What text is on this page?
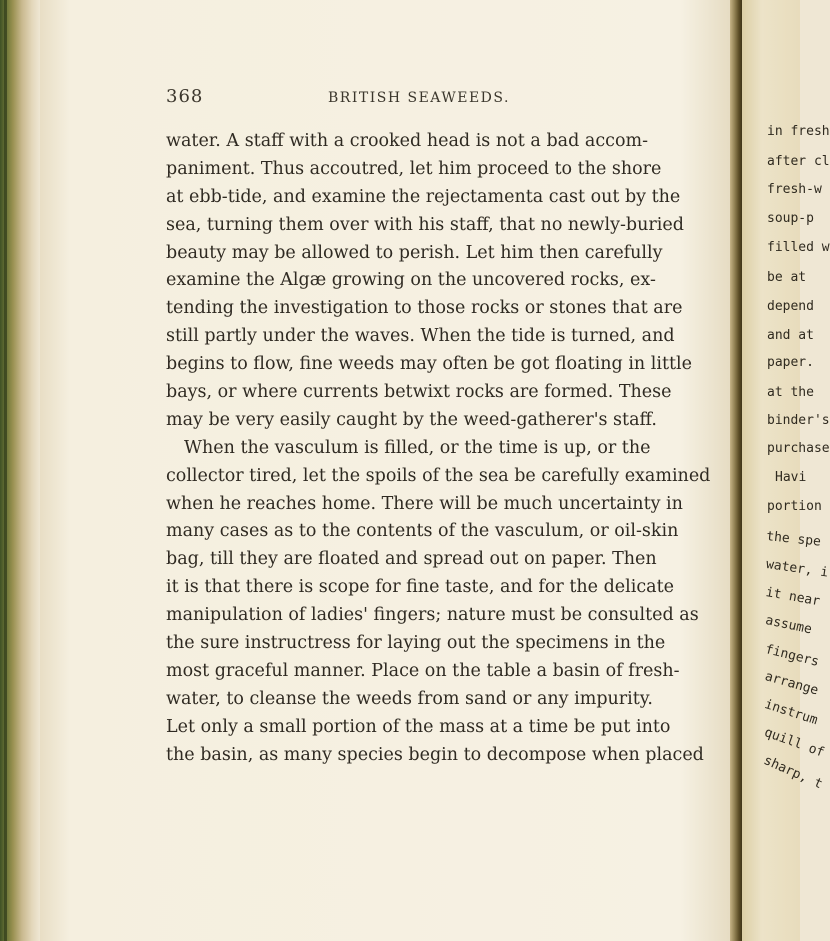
368	BRITISH SEAWEEDS.
water. A staff with a crooked head is not a bad accom-
paniment. Thus accoutred, let him proceed to the shore
at ebb-tide, and examine the rejectamenta cast out by the
sea, turning them over with his staff, that no newly-buried
beauty may be allowed to perish. Let him then carefully
examine the Algæ growing on the uncovered rocks, ex-
tending the investigation to those rocks or stones that are
still partly under the waves. When the tide is turned, and
begins to flow, fine weeds may often be got floating in little
bays, or where currents betwixt rocks are formed. These
may be very easily caught by the weed-gatherer's staff.
When the vasculum is filled, or the time is up, or the
collector tired, let the spoils of the sea be carefully examined
when he reaches home. There will be much uncertainty in
many cases as to the contents of the vasculum, or oil-skin
bag, till they are floated and spread out on paper. Then
it is that there is scope for fine taste, and for the delicate
manipulation of ladies' fingers; nature must be consulted as
the sure instructress for laying out the specimens in the
most graceful manner. Place on the table a basin of fresh-
water, to cleanse the weeds from sand or any impurity.
Let only a small portion of the mass at a time be put into
the basin, as many species begin to decompose when placed
in fresh
after cl
fresh-w
soup-p
filled w
be at
depend
and at
paper.
at the
binder's
purchase
Havi
portion
the spe
water, i
it near
assume
fingers
arrange
instrum
quill of
sharp, t
